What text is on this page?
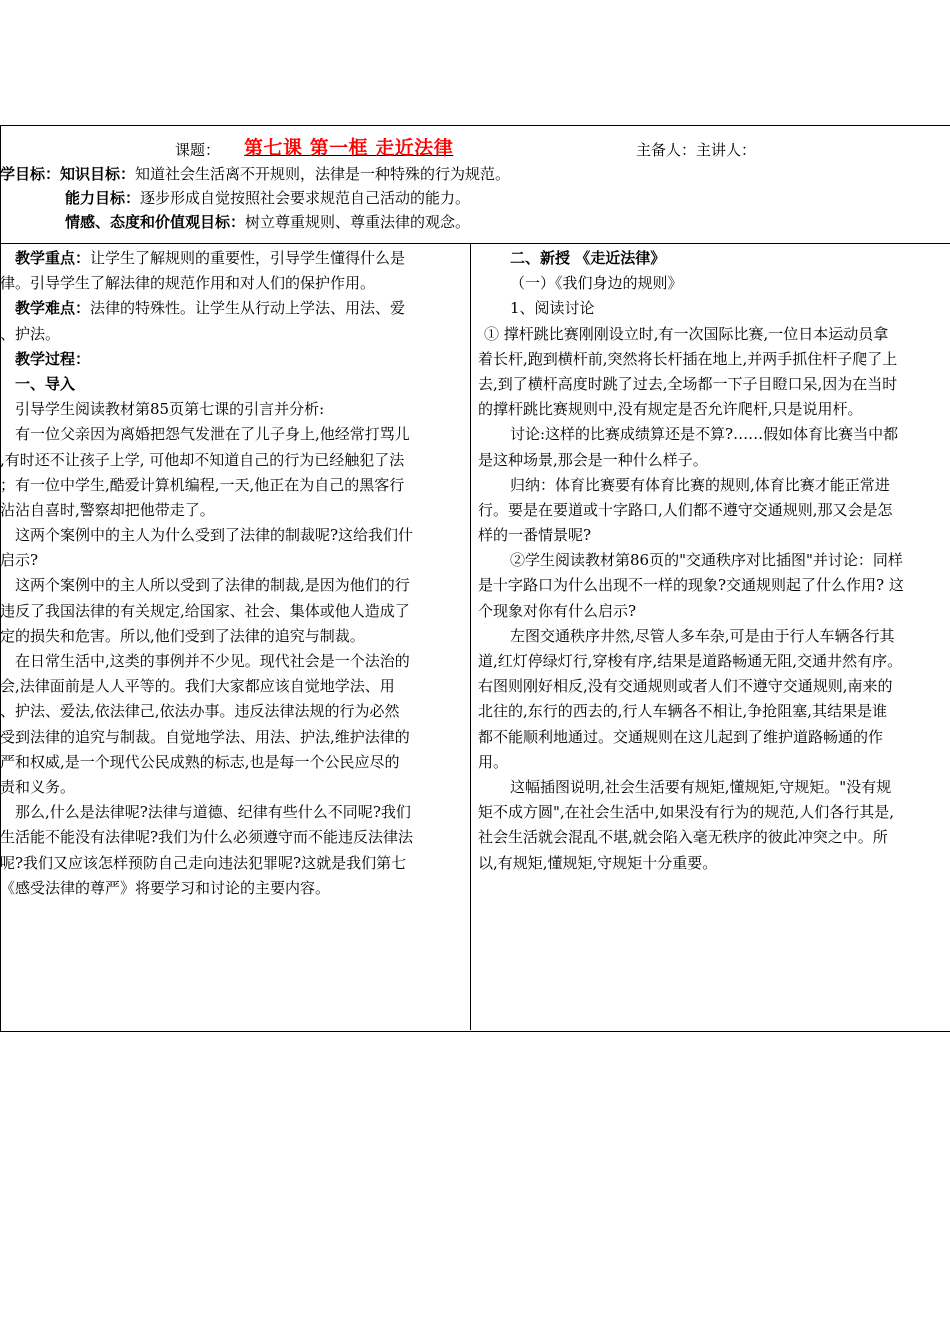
课题：	第七课 第一框 走近法律	主备人：主讲人：
学目标：知识目标：知道社会生活离不开规则，法律是一种特殊的行为规范。
能力目标：逐步形成自觉按照社会要求规范自己活动的能力。
情感、态度和价值观目标：树立尊重规则、尊重法律的观念。
教学重点：让学生了解规则的重要性，引导学生懂得什么是
律。引导学生了解法律的规范作用和对人们的保护作用。
教学难点：法律的特殊性。让学生从行动上学法、用法、爱
、护法。
教学过程：
一、导入
引导学生阅读教材第85页第七课的引言并分析:
有一位父亲因为离婚把怨气发泄在了儿子身上,他经常打骂儿
,有时还不让孩子上学, 可他却不知道自己的行为已经触犯了法
；有一位中学生,酷爱计算机编程,一天,他正在为自己的黑客行
沾沾自喜时,警察却把他带走了。
这两个案例中的主人为什么受到了法律的制裁呢?这给我们什
启示?
这两个案例中的主人所以受到了法律的制裁,是因为他们的行
违反了我国法律的有关规定,给国家、社会、集体或他人造成了
定的损失和危害。所以,他们受到了法律的追究与制裁。
在日常生活中,这类的事例并不少见。现代社会是一个法治的
会,法律面前是人人平等的。我们大家都应该自觉地学法、用
、护法、爱法,依法律己,依法办事。违反法律法规的行为必然
受到法律的追究与制裁。自觉地学法、用法、护法,维护法律的
严和权威,是一个现代公民成熟的标志,也是每一个公民应尽的
责和义务。
那么,什么是法律呢?法律与道德、纪律有些什么不同呢?我们
生活能不能没有法律呢?我们为什么必须遵守而不能违反法律法
呢?我们又应该怎样预防自己走向违法犯罪呢?这就是我们第七
《感受法律的尊严》将要学习和讨论的主要内容。
二、新授 《走近法律》
（一）《我们身边的规则》
1、阅读讨论
① 撑杆跳比赛刚刚设立时,有一次国际比赛,一位日本运动员拿
着长杆,跑到横杆前,突然将长杆插在地上,并两手抓住杆子爬了上
去,到了横杆高度时跳了过去,全场都一下子目瞪口呆,因为在当时
的撑杆跳比赛规则中,没有规定是否允许爬杆,只是说用杆。
讨论:这样的比赛成绩算还是不算?……假如体育比赛当中都
是这种场景,那会是一种什么样子。
归纳：体育比赛要有体育比赛的规则,体育比赛才能正常进
行。要是在要道或十字路口,人们都不遵守交通规则,那又会是怎
样的一番情景呢?
②学生阅读教材第86页的"交通秩序对比插图"并讨论：同样
是十字路口为什么出现不一样的现象?交通规则起了什么作用? 这
个现象对你有什么启示?
左图交通秩序井然,尽管人多车杂,可是由于行人车辆各行其
道,红灯停绿灯行,穿梭有序,结果是道路畅通无阻,交通井然有序。
右图则刚好相反,没有交通规则或者人们不遵守交通规则,南来的
北往的,东行的西去的,行人车辆各不相让,争抢阻塞,其结果是谁
都不能顺利地通过。交通规则在这儿起到了维护道路畅通的作
用。
这幅插图说明,社会生活要有规矩,懂规矩,守规矩。"没有规
矩不成方圆",在社会生活中,如果没有行为的规范,人们各行其是,
社会生活就会混乱不堪,就会陷入毫无秩序的彼此冲突之中。所
以,有规矩,懂规矩,守规矩十分重要。
